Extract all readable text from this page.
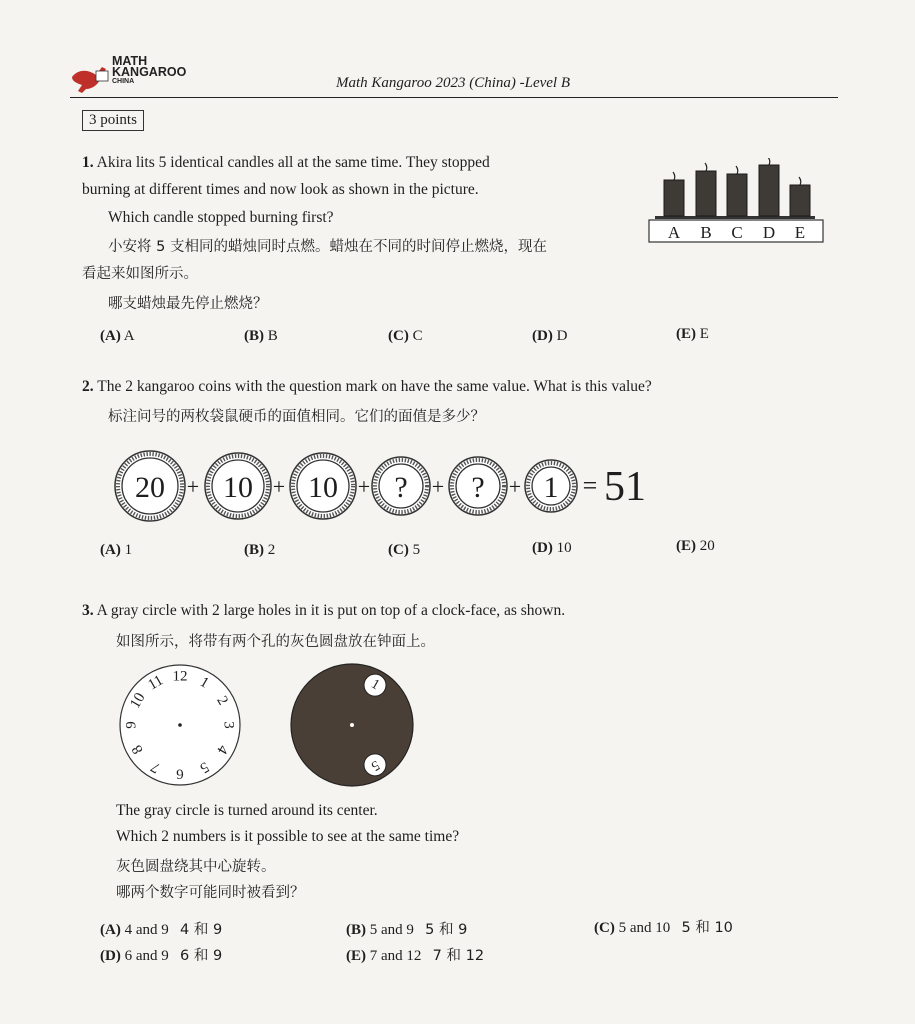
MATH
KANGAROO
CHINA	Math Kangaroo 2023 (China) -Level B
3 points
1. Akira lits 5 identical candles all at the same time. They stopped
burning at different times and now look as shown in the picture.
Which candle stopped burning first?
小安将 5 支相同的蜡烛同时点燃。蜡烛在不同的时间停止燃烧，现在
看起来如图所示。
哪支蜡烛最先停止燃烧？
A B C D E
(A) A	(B) B	(C) C	(D) D	(E) E
2. The 2 kangaroo coins with the question mark on have the same value. What is this value?
标注问号的两枚袋鼠硬币的面值相同。它们的面值是多少？
20 + 10 + 10 + ? + ? + 1 = 51
(A) 1	(B) 2	(C) 5	(D) 10	(E) 20
3. A gray circle with 2 large holes in it is put on top of a clock-face, as shown.
如图所示，将带有两个孔的灰色圆盘放在钟面上。
12 1
2
3
4
5
6
7
8
9
10
11	1
5
The gray circle is turned around its center.
Which 2 numbers is it possible to see at the same time?
灰色圆盘绕其中心旋转。
哪两个数字可能同时被看到？
(A) 4 and 9 4 和 9	(B) 5 and 9 5 和 9	(C) 5 and 10 5 和 10
(D) 6 and 9 6 和 9	(E) 7 and 12 7 和 12
